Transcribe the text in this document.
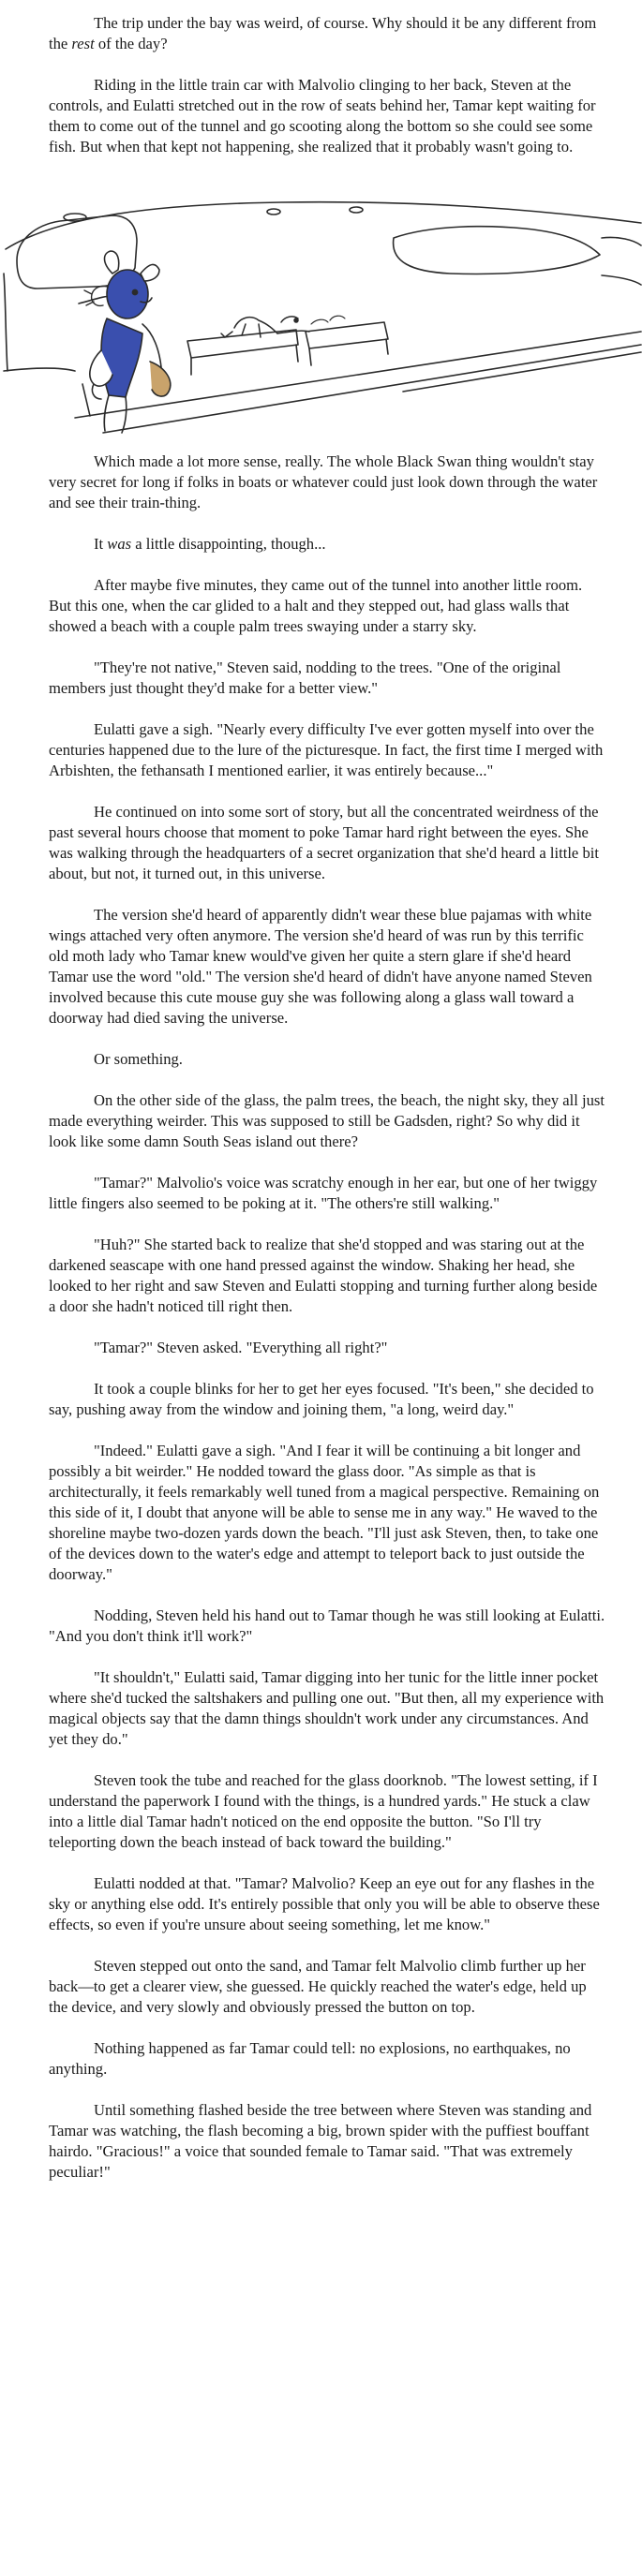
The trip under the bay was weird, of course. Why should it be any different from the rest of the day?

Riding in the little train car with Malvolio clinging to her back, Steven at the controls, and Eulatti stretched out in the row of seats behind her, Tamar kept waiting for them to come out of the tunnel and go scooting along the bottom so she could see some fish. But when that kept not happening, she realized that it probably wasn't going to.

Which made a lot more sense, really. The whole Black Swan thing wouldn't stay very secret for long if folks in boats or whatever could just look down through the water and see their train-thing.

It was a little disappointing, though...

After maybe five minutes, they came out of the tunnel into another little room. But this one, when the car glided to a halt and they stepped out, had glass walls that showed a beach with a couple palm trees swaying under a starry sky.

"They're not native," Steven said, nodding to the trees. "One of the original members just thought they'd make for a better view."

Eulatti gave a sigh. "Nearly every difficulty I've ever gotten myself into over the centuries happened due to the lure of the picturesque. In fact, the first time I merged with Arbishten, the fethansath I mentioned earlier, it was entirely because..."

He continued on into some sort of story, but all the concentrated weirdness of the past several hours choose that moment to poke Tamar hard right between the eyes. She was walking through the headquarters of a secret organization that she'd heard a little bit about, but not, it turned out, in this universe.

The version she'd heard of apparently didn't wear these blue pajamas with white wings attached very often anymore. The version she'd heard of was run by this terrific old moth lady who Tamar knew would've given her quite a stern glare if she'd heard Tamar use the word "old." The version she'd heard of didn't have anyone named Steven involved because this cute mouse guy she was following along a glass wall toward a doorway had died saving the universe.

Or something.

On the other side of the glass, the palm trees, the beach, the night sky, they all just made everything weirder. This was supposed to still be Gadsden, right? So why did it look like some damn South Seas island out there?

"Tamar?" Malvolio's voice was scratchy enough in her ear, but one of her twiggy little fingers also seemed to be poking at it. "The others're still walking."

"Huh?" She started back to realize that she'd stopped and was staring out at the darkened seascape with one hand pressed against the window. Shaking her head, she looked to her right and saw Steven and Eulatti stopping and turning further along beside a door she hadn't noticed till right then.

"Tamar?" Steven asked. "Everything all right?"

It took a couple blinks for her to get her eyes focused. "It's been," she decided to say, pushing away from the window and joining them, "a long, weird day."

"Indeed." Eulatti gave a sigh. "And I fear it will be continuing a bit longer and possibly a bit weirder." He nodded toward the glass door. "As simple as that is architecturally, it feels remarkably well tuned from a magical perspective. Remaining on this side of it, I doubt that anyone will be able to sense me in any way." He waved to the shoreline maybe two-dozen yards down the beach. "I'll just ask Steven, then, to take one of the devices down to the water's edge and attempt to teleport back to just outside the doorway."

Nodding, Steven held his hand out to Tamar though he was still looking at Eulatti. "And you don't think it'll work?"

"It shouldn't," Eulatti said, Tamar digging into her tunic for the little inner pocket where she'd tucked the saltshakers and pulling one out. "But then, all my experience with magical objects say that the damn things shouldn't work under any circumstances. And yet they do."

Steven took the tube and reached for the glass doorknob. "The lowest setting, if I understand the paperwork I found with the things, is a hundred yards." He stuck a claw into a little dial Tamar hadn't noticed on the end opposite the button. "So I'll try teleporting down the beach instead of back toward the building."

Eulatti nodded at that. "Tamar? Malvolio? Keep an eye out for any flashes in the sky or anything else odd. It's entirely possible that only you will be able to observe these effects, so even if you're unsure about seeing something, let me know."

Steven stepped out onto the sand, and Tamar felt Malvolio climb further up her back—to get a clearer view, she guessed. He quickly reached the water's edge, held up the device, and very slowly and obviously pressed the button on top.

Nothing happened as far Tamar could tell: no explosions, no earthquakes, no anything.

Until something flashed beside the tree between where Steven was standing and Tamar was watching, the flash becoming a big, brown spider with the puffiest bouffant hairdo. "Gracious!" a voice that sounded female to Tamar said. "That was extremely peculiar!"
